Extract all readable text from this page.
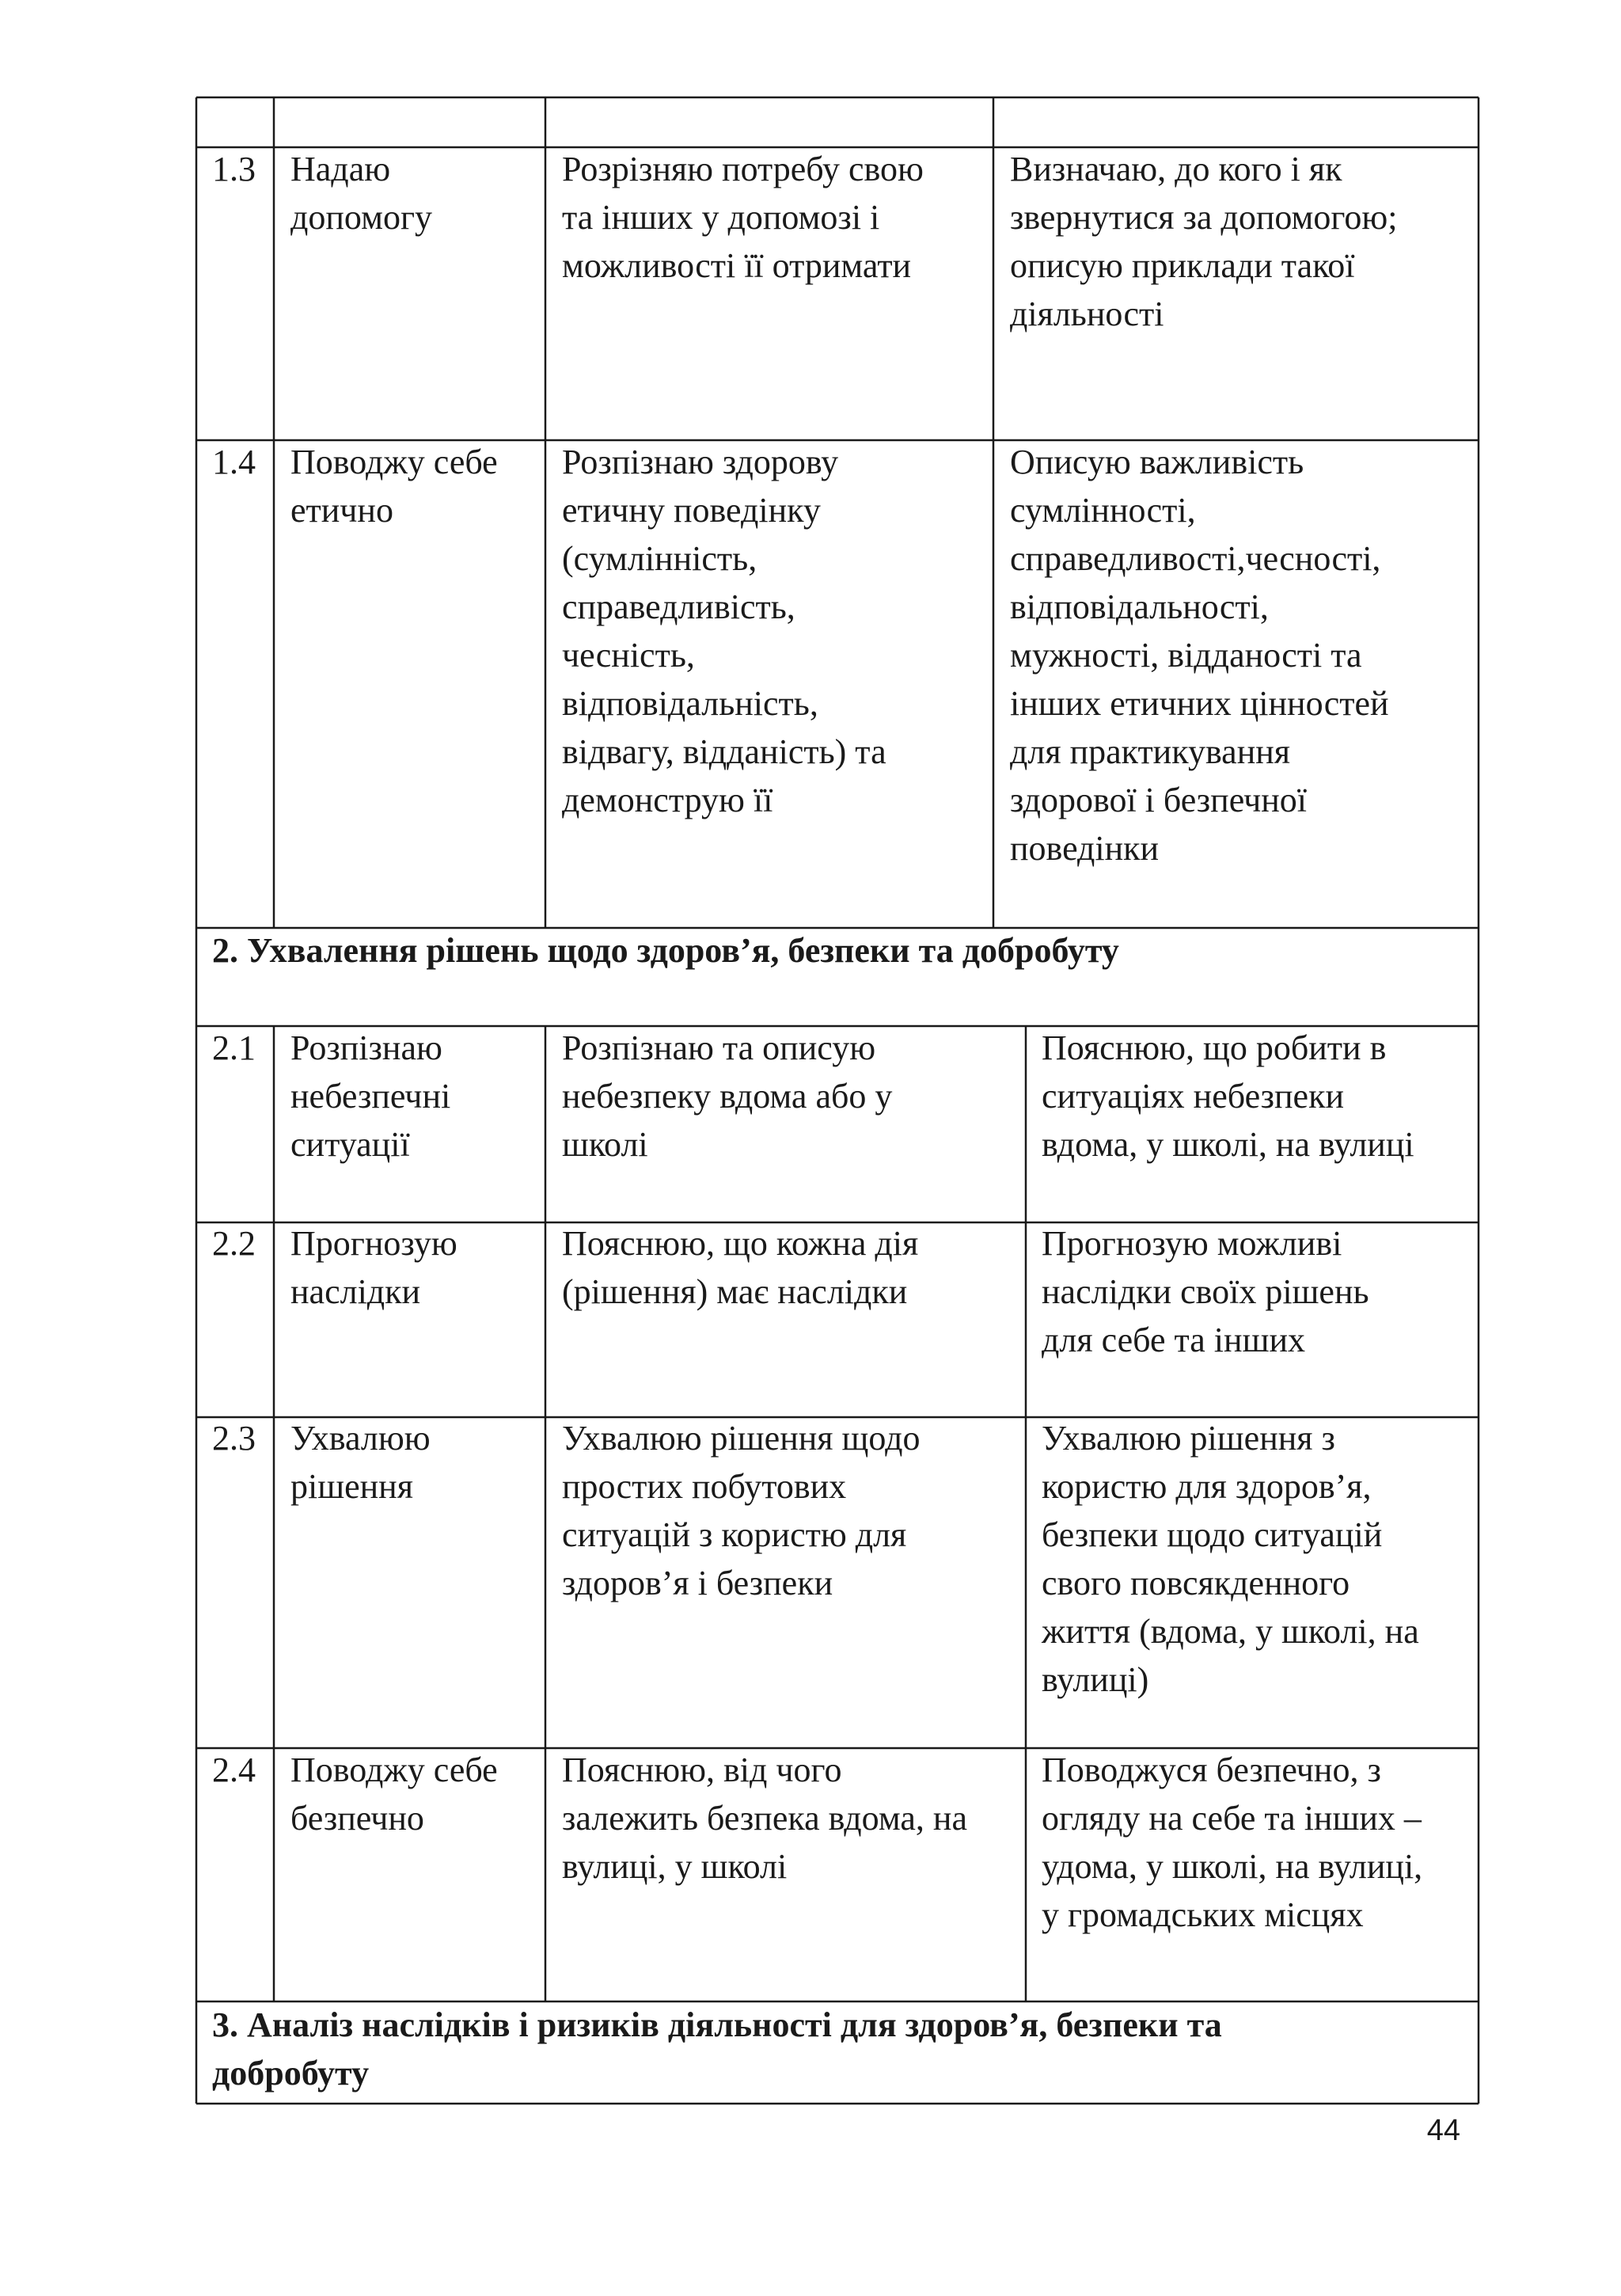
1.3 Надаю
допомогу
Розрізняю потребу свою
та інших у допомозі і
можливості її отримати
Визначаю, до кого і як
звернутися за допомогою;
описую приклади такої
діяльності
1.4 Поводжу себе
етично
Розпізнаю здорову
етичну поведінку
(сумлінність,
справедливість,
чесність,
відповідальність,
відвагу, відданість) та
демонструю її
Описую важливість
сумлінності,
справедливості,чесності,
відповідальності,
мужності, відданості та
інших етичних цінностей
для практикування
здорової і безпечної
поведінки
2. Ухвалення рішень щодо здоров’я, безпеки та добробуту
2.1 Розпізнаю
небезпечні
ситуації
Розпізнаю та описую
небезпеку вдома або у
школі
Пояснюю, що робити в
ситуаціях небезпеки
вдома, у школі, на вулиці
2.2 Прогнозую
наслідки
Пояснюю, що кожна дія
(рішення) має наслідки
Прогнозую можливі
наслідки своїх рішень
для себе та інших
2.3 Ухвалюю
рішення
Ухвалюю рішення щодо
простих побутових
ситуацій з користю для
здоров’я і безпеки
Ухвалюю рішення з
користю для здоров’я,
безпеки щодо ситуацій
свого повсякденного
життя (вдома, у школі, на
вулиці)
2.4 Поводжу себе
безпечно
Пояснюю, від чого
залежить безпека вдома, на
вулиці, у школі
Поводжуся безпечно, з
огляду на себе та інших –
удома, у школі, на вулиці,
у громадських місцях
3. Аналіз наслідків і ризиків діяльності для здоров’я, безпеки та
добробуту
44
